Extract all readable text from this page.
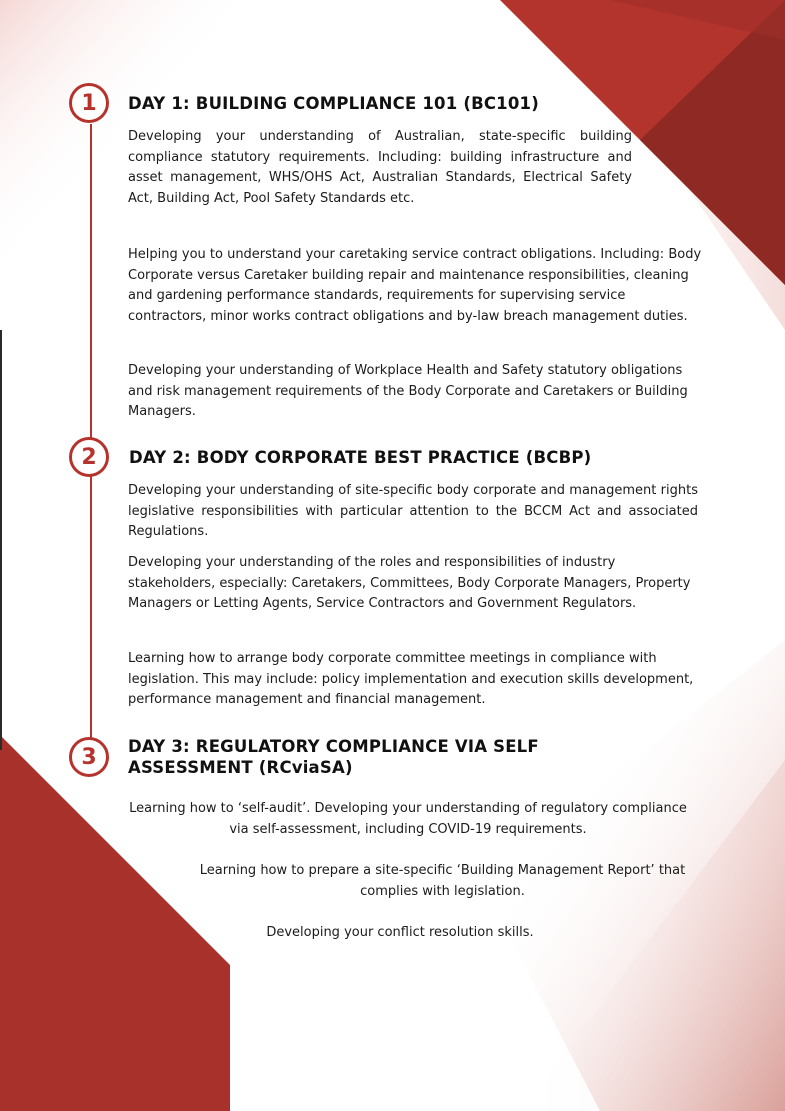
1	DAY 1: BUILDING COMPLIANCE 101 (BC101)

Developing your understanding of Australian, state-specific building compliance statutory requirements. Including: building infrastructure and asset management, WHS/OHS Act, Australian Standards, Electrical Safety Act, Building Act, Pool Safety Standards etc.

Helping you to understand your caretaking service contract obligations. Including: Body Corporate versus Caretaker building repair and maintenance responsibilities, cleaning and gardening performance standards, requirements for supervising service contractors, minor works contract obligations and by-law breach management duties.

Developing your understanding of Workplace Health and Safety statutory obligations and risk management requirements of the Body Corporate and Caretakers or Building Managers.

2	DAY 2: BODY CORPORATE BEST PRACTICE (BCBP)

Developing your understanding of site-specific body corporate and management rights legislative responsibilities with particular attention to the BCCM Act and associated Regulations.

Developing your understanding of the roles and responsibilities of industry stakeholders, especially: Caretakers, Committees, Body Corporate Managers, Property Managers or Letting Agents, Service Contractors and Government Regulators.

Learning how to arrange body corporate committee meetings in compliance with legislation. This may include: policy implementation and execution skills development, performance management and financial management.

3	DAY 3: REGULATORY COMPLIANCE VIA SELF ASSESSMENT (RCviaSA)

Learning how to ‘self-audit’. Developing your understanding of regulatory compliance via self-assessment, including COVID-19 requirements.

Learning how to prepare a site-specific ‘Building Management Report’ that complies with legislation.

Developing your conflict resolution skills.
